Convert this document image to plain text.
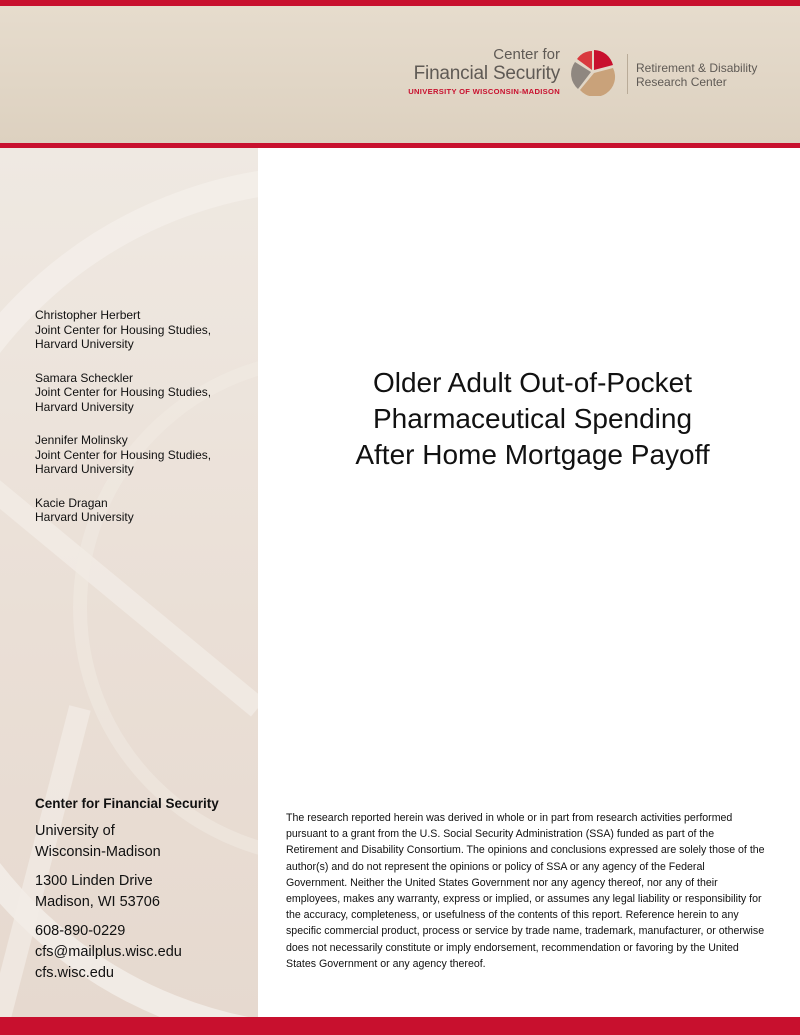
Center for
Financial Security
UNIVERSITY OF WISCONSIN-MADISON
Retirement & Disability
Research Center
Christopher Herbert
Joint Center for Housing Studies,
Harvard University
Samara Scheckler
Joint Center for Housing Studies,
Harvard University
Jennifer Molinsky
Joint Center for Housing Studies,
Harvard University
Kacie Dragan
Harvard University
Center for Financial Security
University of
Wisconsin-Madison
1300 Linden Drive
Madison, WI 53706
608-890-0229
cfs@mailplus.wisc.edu
cfs.wisc.edu
Older Adult Out-of-Pocket
Pharmaceutical Spending
After Home Mortgage Payoff
The research reported herein was derived in whole or in part from research activities performed pursuant to a grant from the U.S. Social Security Administration (SSA) funded as part of the Retirement and Disability Consortium. The opinions and conclusions expressed are solely those of the author(s) and do not represent the opinions or policy of SSA or any agency of the Federal Government. Neither the United States Government nor any agency thereof, nor any of their employees, makes any warranty, express or implied, or assumes any legal liability or responsibility for the accuracy, completeness, or usefulness of the contents of this report. Reference herein to any specific commercial product, process or service by trade name, trademark, manufacturer, or otherwise does not necessarily constitute or imply endorsement, recommendation or favoring by the United States Government or any agency thereof.
